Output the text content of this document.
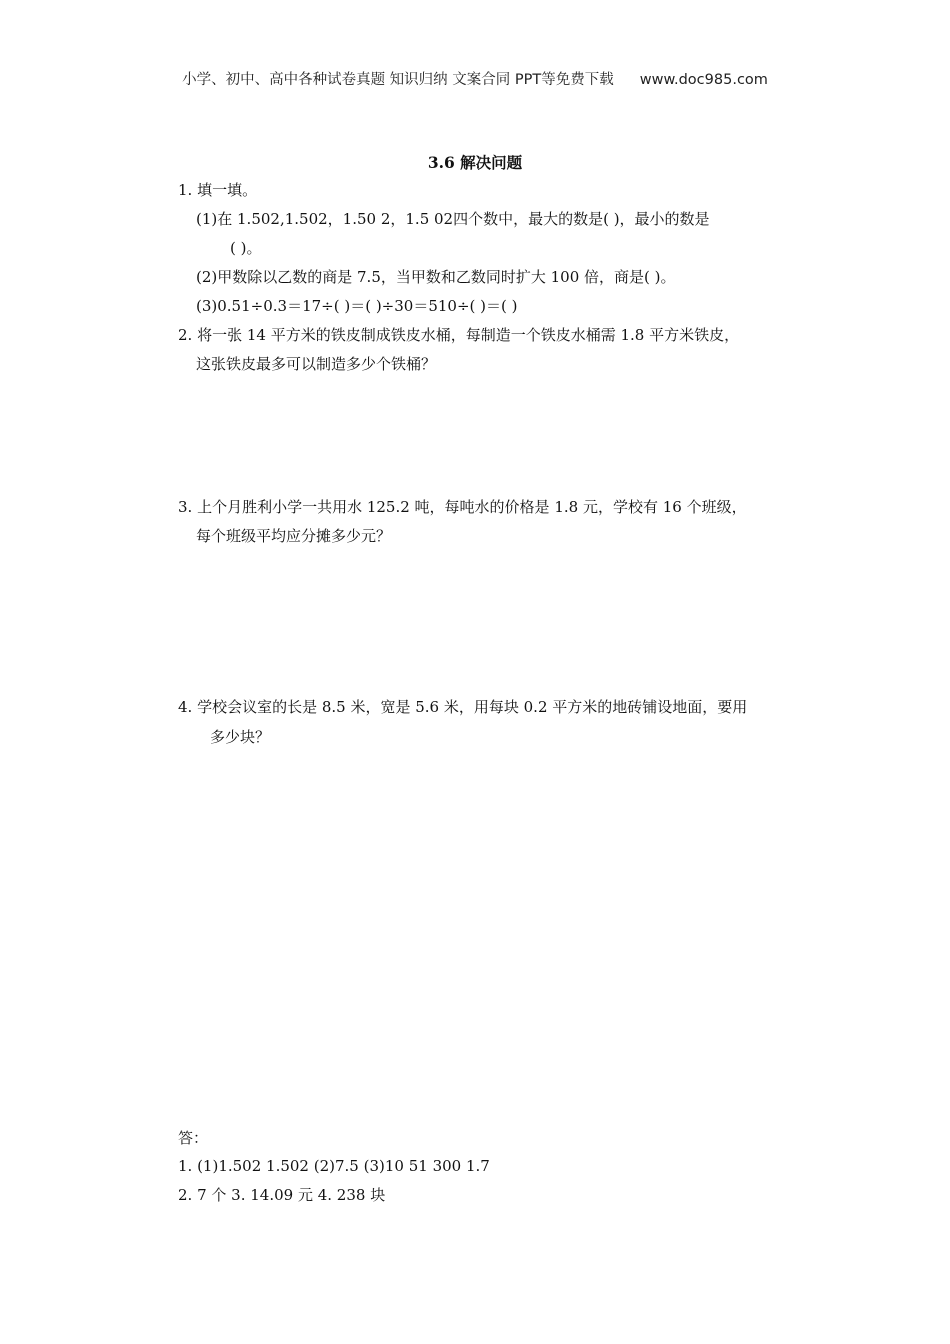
小学、初中、高中各种试卷真题 知识归纳 文案合同 PPT等免费下载 www.doc985.com
3.6 解决问题
1. 填一填。
(1)在 1.502,1.502，1.50 2，1.5 02四个数中，最大的数是( )，最小的数是
( )。
(2)甲数除以乙数的商是 7.5，当甲数和乙数同时扩大 100 倍，商是( )。
(3)0.51÷0.3＝17÷( )＝( )÷30＝510÷( )＝( )
2. 将一张 14 平方米的铁皮制成铁皮水桶，每制造一个铁皮水桶需 1.8 平方米铁皮，
这张铁皮最多可以制造多少个铁桶？
3. 上个月胜利小学一共用水 125.2 吨，每吨水的价格是 1.8 元，学校有 16 个班级，
每个班级平均应分摊多少元？
4. 学校会议室的长是 8.5 米，宽是 5.6 米，用每块 0.2 平方米的地砖铺设地面，要用
多少块？
答：
1. (1)1.502 1.502 (2)7.5 (3)10 51 300 1.7
2. 7 个 3. 14.09 元 4. 238 块
